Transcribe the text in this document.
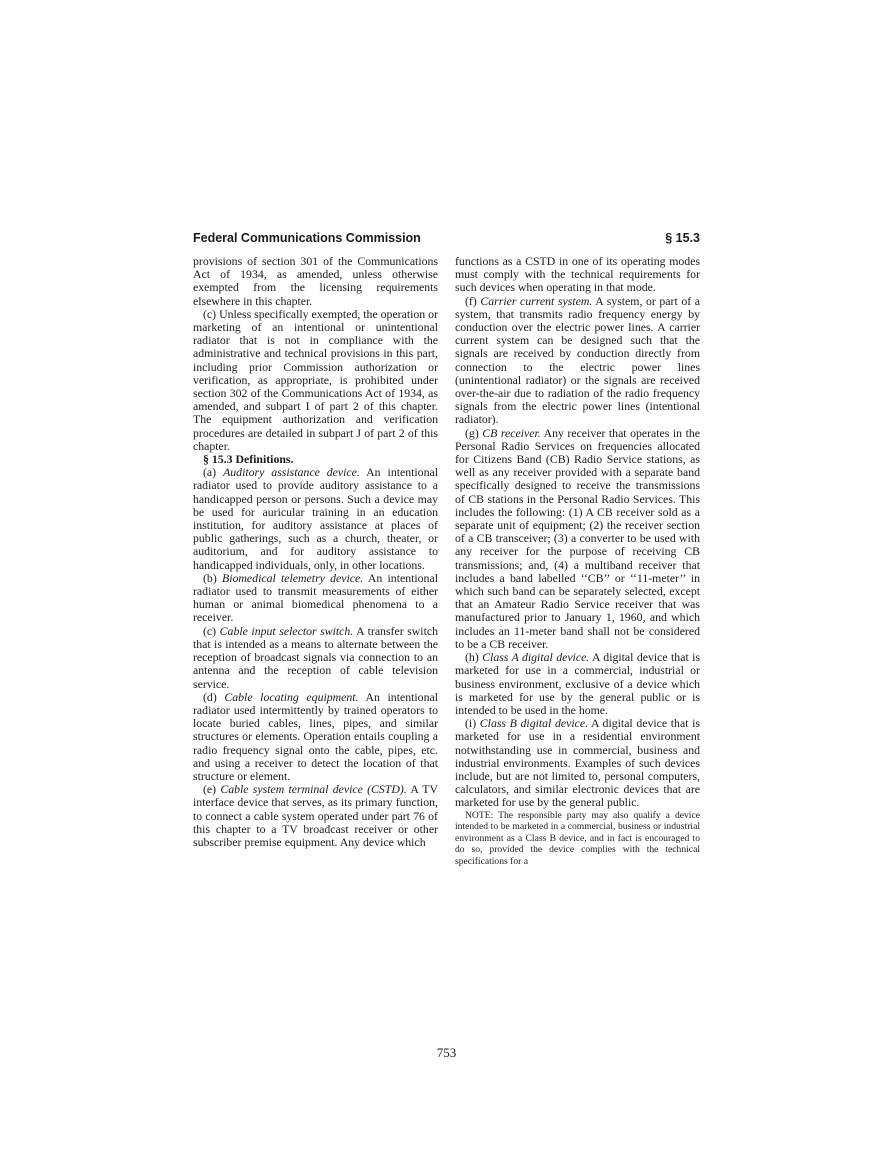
Federal Communications Commission	§ 15.3

provisions of section 301 of the Communications Act of 1934, as amended, unless otherwise exempted from the licensing requirements elsewhere in this chapter.

(c) Unless specifically exempted, the operation or marketing of an intentional or unintentional radiator that is not in compliance with the administrative and technical provisions in this part, including prior Commission authorization or verification, as appropriate, is prohibited under section 302 of the Communications Act of 1934, as amended, and subpart I of part 2 of this chapter. The equipment authorization and verification procedures are detailed in subpart J of part 2 of this chapter.

§ 15.3 Definitions.

(a) Auditory assistance device. An intentional radiator used to provide auditory assistance to a handicapped person or persons. Such a device may be used for auricular training in an education institution, for auditory assistance at places of public gatherings, such as a church, theater, or auditorium, and for auditory assistance to handicapped individuals, only, in other locations.

(b) Biomedical telemetry device. An intentional radiator used to transmit measurements of either human or animal biomedical phenomena to a receiver.

(c) Cable input selector switch. A transfer switch that is intended as a means to alternate between the reception of broadcast signals via connection to an antenna and the reception of cable television service.

(d) Cable locating equipment. An intentional radiator used intermittently by trained operators to locate buried cables, lines, pipes, and similar structures or elements. Operation entails coupling a radio frequency signal onto the cable, pipes, etc. and using a receiver to detect the location of that structure or element.

(e) Cable system terminal device (CSTD). A TV interface device that serves, as its primary function, to connect a cable system operated under part 76 of this chapter to a TV broadcast receiver or other subscriber premise equipment. Any device which

functions as a CSTD in one of its operating modes must comply with the technical requirements for such devices when operating in that mode.

(f) Carrier current system. A system, or part of a system, that transmits radio frequency energy by conduction over the electric power lines. A carrier current system can be designed such that the signals are received by conduction directly from connection to the electric power lines (unintentional radiator) or the signals are received over-the-air due to radiation of the radio frequency signals from the electric power lines (intentional radiator).

(g) CB receiver. Any receiver that operates in the Personal Radio Services on frequencies allocated for Citizens Band (CB) Radio Service stations, as well as any receiver provided with a separate band specifically designed to receive the transmissions of CB stations in the Personal Radio Services. This includes the following: (1) A CB receiver sold as a separate unit of equipment; (2) the receiver section of a CB transceiver; (3) a converter to be used with any receiver for the purpose of receiving CB transmissions; and, (4) a multiband receiver that includes a band labelled ‘‘CB’’ or ‘‘11-meter’’ in which such band can be separately selected, except that an Amateur Radio Service receiver that was manufactured prior to January 1, 1960, and which includes an 11-meter band shall not be considered to be a CB receiver.

(h) Class A digital device. A digital device that is marketed for use in a commercial, industrial or business environment, exclusive of a device which is marketed for use by the general public or is intended to be used in the home.

(i) Class B digital device. A digital device that is marketed for use in a residential environment notwithstanding use in commercial, business and industrial environments. Examples of such devices include, but are not limited to, personal computers, calculators, and similar electronic devices that are marketed for use by the general public.

NOTE: The responsible party may also qualify a device intended to be marketed in a commercial, business or industrial environment as a Class B device, and in fact is encouraged to do so, provided the device complies with the technical specifications for a

753
